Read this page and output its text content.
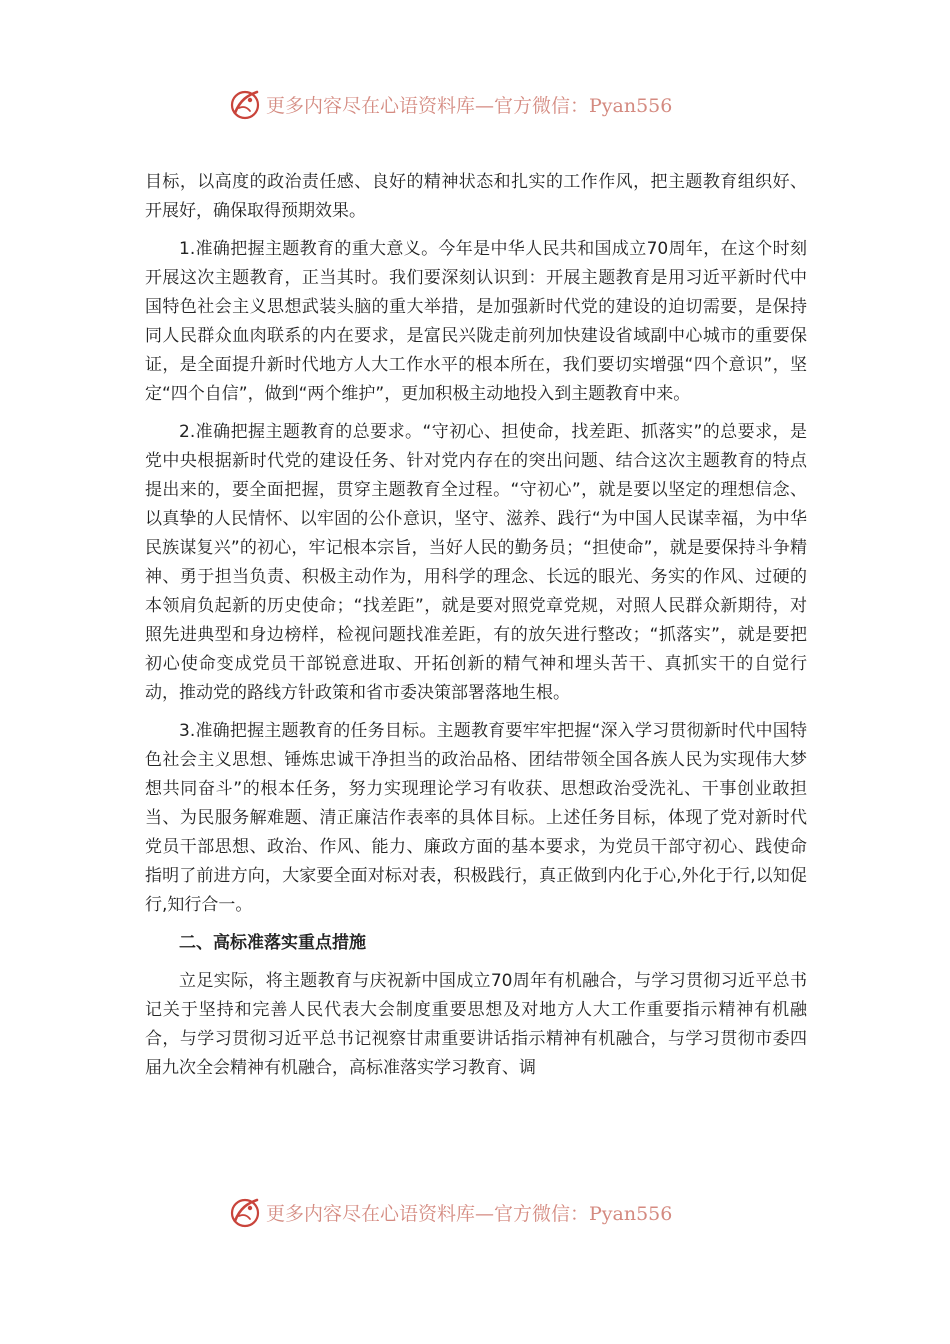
更多内容尽在心语资料库—官方微信：Pyan556

目标，以高度的政治责任感、良好的精神状态和扎实的工作作风，把主题教育组织好、开展好，确保取得预期效果。

1.准确把握主题教育的重大意义。今年是中华人民共和国成立70周年，在这个时刻开展这次主题教育，正当其时。我们要深刻认识到：开展主题教育是用习近平新时代中国特色社会主义思想武装头脑的重大举措，是加强新时代党的建设的迫切需要，是保持同人民群众血肉联系的内在要求，是富民兴陇走前列加快建设省域副中心城市的重要保证，是全面提升新时代地方人大工作水平的根本所在，我们要切实增强“四个意识”，坚定“四个自信”，做到“两个维护”，更加积极主动地投入到主题教育中来。

2.准确把握主题教育的总要求。“守初心、担使命，找差距、抓落实”的总要求，是党中央根据新时代党的建设任务、针对党内存在的突出问题、结合这次主题教育的特点提出来的，要全面把握，贯穿主题教育全过程。“守初心”，就是要以坚定的理想信念、以真挚的人民情怀、以牢固的公仆意识，坚守、滋养、践行“为中国人民谋幸福，为中华民族谋复兴”的初心，牢记根本宗旨，当好人民的勤务员；“担使命”，就是要保持斗争精神、勇于担当负责、积极主动作为，用科学的理念、长远的眼光、务实的作风、过硬的本领肩负起新的历史使命；“找差距”，就是要对照党章党规，对照人民群众新期待，对照先进典型和身边榜样，检视问题找准差距，有的放矢进行整改；“抓落实”，就是要把初心使命变成党员干部锐意进取、开拓创新的精气神和埋头苦干、真抓实干的自觉行动，推动党的路线方针政策和省市委决策部署落地生根。

3.准确把握主题教育的任务目标。主题教育要牢牢把握“深入学习贯彻新时代中国特色社会主义思想、锤炼忠诚干净担当的政治品格、团结带领全国各族人民为实现伟大梦想共同奋斗”的根本任务，努力实现理论学习有收获、思想政治受洗礼、干事创业敢担当、为民服务解难题、清正廉洁作表率的具体目标。上述任务目标，体现了党对新时代党员干部思想、政治、作风、能力、廉政方面的基本要求，为党员干部守初心、践使命指明了前进方向，大家要全面对标对表，积极践行，真正做到内化于心,外化于行,以知促行,知行合一。

二、高标准落实重点措施

立足实际，将主题教育与庆祝新中国成立70周年有机融合，与学习贯彻习近平总书记关于坚持和完善人民代表大会制度重要思想及对地方人大工作重要指示精神有机融合，与学习贯彻习近平总书记视察甘肃重要讲话指示精神有机融合，与学习贯彻市委四届九次全会精神有机融合，高标准落实学习教育、调

更多内容尽在心语资料库—官方微信：Pyan556
